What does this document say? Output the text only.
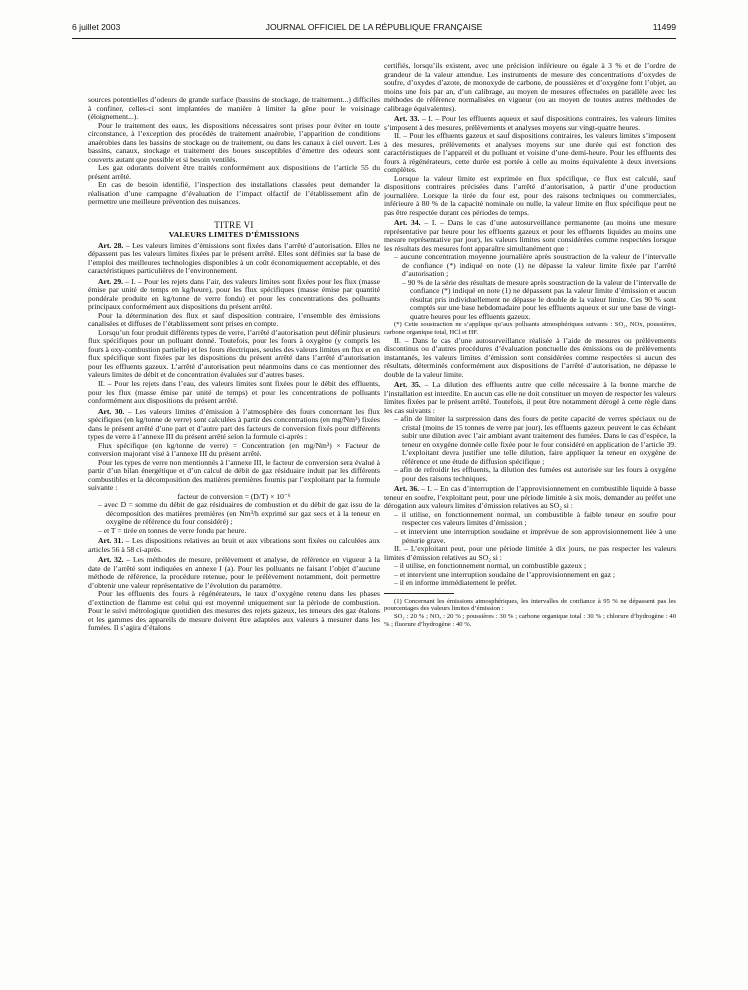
6 juillet 2003	JOURNAL OFFICIEL DE LA RÉPUBLIQUE FRANÇAISE	11499

sources potentielles d’odeurs de grande surface (bassins de stockage, de traitement...) difficiles à confiner, celles-ci sont implantées de manière à limiter la gêne pour le voisinage (éloignement...).

Pour le traitement des eaux, les dispositions nécessaires sont prises pour éviter en toute circonstance, à l’exception des procédés de traitement anaérobie, l’apparition de conditions anaérobies dans les bassins de stockage ou de traitement, ou dans les canaux à ciel ouvert. Les bassins, canaux, stockage et traitement des boues susceptibles d’émettre des odeurs sont couverts autant que possible et si besoin ventilés.

Les gaz odorants doivent être traités conformément aux dispositions de l’article 55 du présent arrêté.

En cas de besoin identifié, l’inspection des installations classées peut demander la réalisation d’une campagne d’évaluation de l’impact olfactif de l’établissement afin de permettre une meilleure prévention des nuisances.

TITRE VI

VALEURS LIMITES D’ÉMISSIONS

Art. 28. – Les valeurs limites d’émissions sont fixées dans l’arrêté d’autorisation. Elles ne dépassent pas les valeurs limites fixées par le présent arrêté. Elles sont définies sur la base de l’emploi des meilleures technologies disponibles à un coût économiquement acceptable, et des caractéristiques particulières de l’environnement.

Art. 29. – I. – Pour les rejets dans l’air, des valeurs limites sont fixées pour les flux (masse émise par unité de temps en kg/heure), pour les flux spécifiques (masse émise par quantité pondérale produite en kg/tonne de verre fondu) et pour les concentrations des polluants principaux conformément aux dispositions du présent arrêté.

Pour la détermination des flux et sauf disposition contraire, l’ensemble des émissions canalisées et diffuses de l’établissement sont prises en compte.

Lorsqu’un four produit différents types de verre, l’arrêté d’autorisation peut définir plusieurs flux spécifiques pour un polluant donné. Toutefois, pour les fours à oxygène (y compris les fours à oxy-combustion partielle) et les fours électriques, seules des valeurs limites en flux et en flux spécifique sont fixées par les dispositions du présent arrêté dans l’arrêté d’autorisation pour les effluents gazeux. L’arrêté d’autorisation peut néanmoins dans ce cas mentionner des valeurs limites de débit et de concentration évaluées sur d’autres bases.

II. – Pour les rejets dans l’eau, des valeurs limites sont fixées pour le débit des effluents, pour les flux (masse émise par unité de temps) et pour les concentrations de polluants conformément aux dispositions du présent arrêté.

Art. 30. – Les valeurs limites d’émission à l’atmosphère des fours concernant les flux spécifiques (en kg/tonne de verre) sont calculées à partir des concentrations (en mg/Nm³) fixées dans le présent arrêté d’une part et d’autre part des facteurs de conversion fixés pour différents types de verre à l’annexe III du présent arrêté selon la formule ci-après :

Flux spécifique (en kg/tonne de verre) = Concentration (en mg/Nm³) × Facteur de conversion majorant visé à l’annexe III du présent arrêté.

Pour les types de verre non mentionnés à l’annexe III, le facteur de conversion sera évalué à partir d’un bilan énergétique et d’un calcul de débit de gaz résiduaire induit par les différents combustibles et la décomposition des matières premières fournis par l’exploitant par la formule suivante :

facteur de conversion = (D/T) × 10⁻⁶

– avec D = somme du débit de gaz résiduaires de combustion et du débit de gaz issu de la décomposition des matières premières (en Nm³/h exprimé sur gaz secs et à la teneur en oxygène de référence du four considéré) ;

– et T = tirée en tonnes de verre fondu par heure.

Art. 31. – Les dispositions relatives au bruit et aux vibrations sont fixées ou calculées aux articles 56 à 58 ci-après.

Art. 32. – Les méthodes de mesure, prélèvement et analyse, de référence en vigueur à la date de l’arrêté sont indiquées en annexe I (a). Pour les polluants ne faisant l’objet d’aucune méthode de référence, la procédure retenue, pour le prélèvement notamment, doit permettre d’obtenir une valeur représentative de l’évolution du paramètre.

Pour les effluents des fours à régénérateurs, le taux d’oxygène retenu dans les phases d’extinction de flamme est celui qui est moyenné uniquement sur la période de combustion. Pour le suivi métrologique quotidien des mesures des rejets gazeux, les teneurs des gaz étalons et les gammes des appareils de mesure doivent être adaptées aux valeurs à mesurer dans les fumées. Il s’agira d’étalons

certifiés, lorsqu’ils existent, avec une précision inférieure ou égale à 3 % et de l’ordre de grandeur de la valeur attendue. Les instruments de mesure des concentrations d’oxydes de soufre, d’oxydes d’azote, de monoxyde de carbone, de poussières et d’oxygène font l’objet, au moins une fois par an, d’un calibrage, au moyen de mesures effectuées en parallèle avec les méthodes de référence normalisées en vigueur (ou au moyen de toutes autres méthodes de calibrage équivalentes).

Art. 33. – I. – Pour les effluents aqueux et sauf dispositions contraires, les valeurs limites s’imposent à des mesures, prélèvements et analyses moyens sur vingt-quatre heures.

II. – Pour les effluents gazeux et sauf dispositions contraires, les valeurs limites s’imposent à des mesures, prélèvements et analyses moyens sur une durée qui est fonction des caractéristiques de l’appareil et du polluant et voisine d’une demi-heure. Pour les effluents des fours à régénérateurs, cette durée est portée à celle au moins équivalente à deux inversions complètes.

Lorsque la valeur limite est exprimée en flux spécifique, ce flux est calculé, sauf dispositions contraires précisées dans l’arrêté d’autorisation, à partir d’une production journalière. Lorsque la tirée du four est, pour des raisons techniques ou commerciales, inférieure à 80 % de la capacité nominale ou nulle, la valeur limite en flux spécifique peut ne pas être respectée durant ces périodes de temps.

Art. 34. – I. – Dans le cas d’une autosurveillance permanente (au moins une mesure représentative par heure pour les effluents gazeux et pour les effluents liquides au moins une mesure représentative par jour), les valeurs limites sont considérées comme respectées lorsque les résultats des mesures font apparaître simultanément que :

– aucune concentration moyenne journalière après soustraction de la valeur de l’intervalle de confiance (*) indiqué en note (1) ne dépasse la valeur limite fixée par l’arrêté d’autorisation ;

– 90 % de la série des résultats de mesure après soustraction de la valeur de l’intervalle de confiance (*) indiqué en note (1) ne dépassent pas la valeur limite d’émission et aucun résultat pris individuellement ne dépasse le double de la valeur limite. Ces 90 % sont comptés sur une base hebdomadaire pour les effluents aqueux et sur une base de vingt-quatre heures pour les effluents gazeux.

(*) Cette soustraction ne s’applique qu’aux polluants atmosphériques suivants : SO₂, NOx, poussières, carbone organique total, HCl et HF.

II. – Dans le cas d’une autosurveillance réalisée à l’aide de mesures ou prélèvements discontinus ou d’autres procédures d’évaluation ponctuelle des émissions ou de prélèvements instantanés, les valeurs limites d’émission sont considérées comme respectées si aucun des résultats, déterminés conformément aux dispositions de l’arrêté d’autorisation, ne dépasse le double de la valeur limite.

Art. 35. – La dilution des effluents autre que celle nécessaire à la bonne marche de l’installation est interdite. En aucun cas elle ne doit constituer un moyen de respecter les valeurs limites fixées par le présent arrêté. Toutefois, il peut être notamment dérogé à cette règle dans les cas suivants :

– afin de limiter la surpression dans des fours de petite capacité de verres spéciaux ou de cristal (moins de 15 tonnes de verre par jour), les effluents gazeux peuvent le cas échéant subir une dilution avec l’air ambiant avant traitement des fumées. Dans le cas d’espèce, la teneur en oxygène donnée celle fixée pour le four considéré en application de l’article 39. L’exploitant devra justifier une telle dilution, faire appliquer la teneur en oxygène de référence et une étude de diffusion spécifique ;

– afin de refroidir les effluents, la dilution des fumées est autorisée sur les fours à oxygène pour des raisons techniques.

Art. 36. – I. – En cas d’interruption de l’approvisionnement en combustible liquide à basse teneur en soufre, l’exploitant peut, pour une période limitée à six mois, demander au préfet une dérogation aux valeurs limites d’émission relatives au SO₂ si :

– il utilise, en fonctionnement normal, un combustible à faible teneur en soufre pour respecter ces valeurs limites d’émission ;

– et intervient une interruption soudaine et imprévue de son approvisionnement liée à une pénurie grave.

II. – L’exploitant peut, pour une période limitée à dix jours, ne pas respecter les valeurs limites d’émission relatives au SO₂ si :

– il utilise, en fonctionnement normal, un combustible gazeux ;

– et intervient une interruption soudaine de l’approvisionnement en gaz ;

– il en informe immédiatement le préfet.

(1) Concernant les émissions atmosphériques, les intervalles de confiance à 95 % ne dépassent pas les pourcentages des valeurs limites d’émission :

SO₂ : 20 % ; NOₓ : 20 % ; poussières : 30 % ; carbone organique total : 30 % ; chlorure d’hydrogène : 40 % ; fluorure d’hydrogène : 40 %.
